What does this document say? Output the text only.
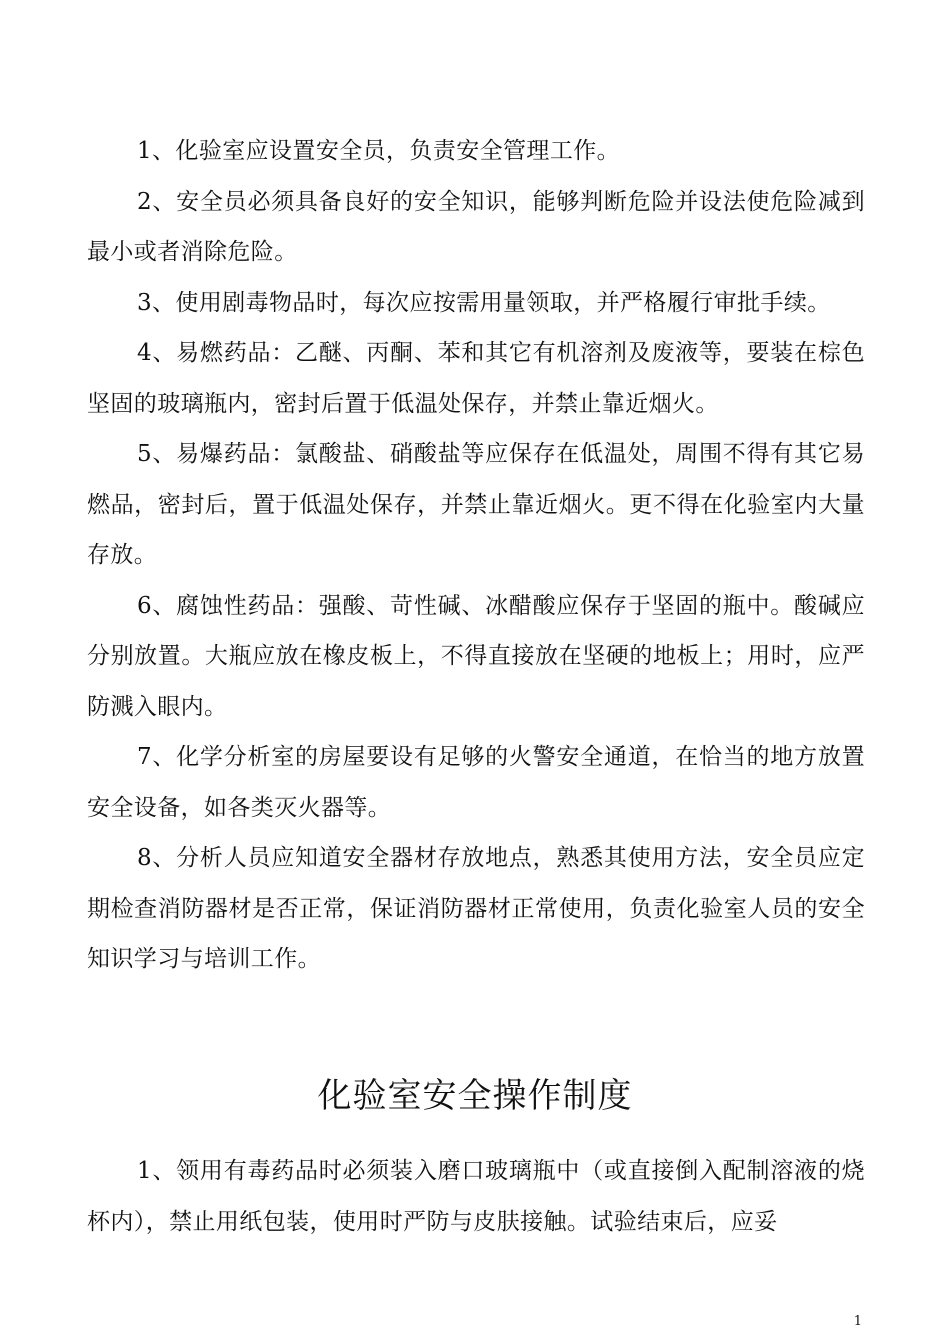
1、化验室应设置安全员，负责安全管理工作。

2、安全员必须具备良好的安全知识，能够判断危险并设法使危险减到最小或者消除危险。

3、使用剧毒物品时，每次应按需用量领取，并严格履行审批手续。

4、易燃药品：乙醚、丙酮、苯和其它有机溶剂及废液等，要装在棕色坚固的玻璃瓶内，密封后置于低温处保存，并禁止靠近烟火。

5、易爆药品：氯酸盐、硝酸盐等应保存在低温处，周围不得有其它易燃品，密封后，置于低温处保存，并禁止靠近烟火。更不得在化验室内大量存放。

6、腐蚀性药品：强酸、苛性碱、冰醋酸应保存于坚固的瓶中。酸碱应分别放置。大瓶应放在橡皮板上，不得直接放在坚硬的地板上；用时，应严防溅入眼内。

7、化学分析室的房屋要设有足够的火警安全通道，在恰当的地方放置安全设备，如各类灭火器等。

8、分析人员应知道安全器材存放地点，熟悉其使用方法，安全员应定期检查消防器材是否正常，保证消防器材正常使用，负责化验室人员的安全知识学习与培训工作。

化验室安全操作制度

1、领用有毒药品时必须装入磨口玻璃瓶中（或直接倒入配制溶液的烧杯内），禁止用纸包装，使用时严防与皮肤接触。试验结束后，应妥

1
